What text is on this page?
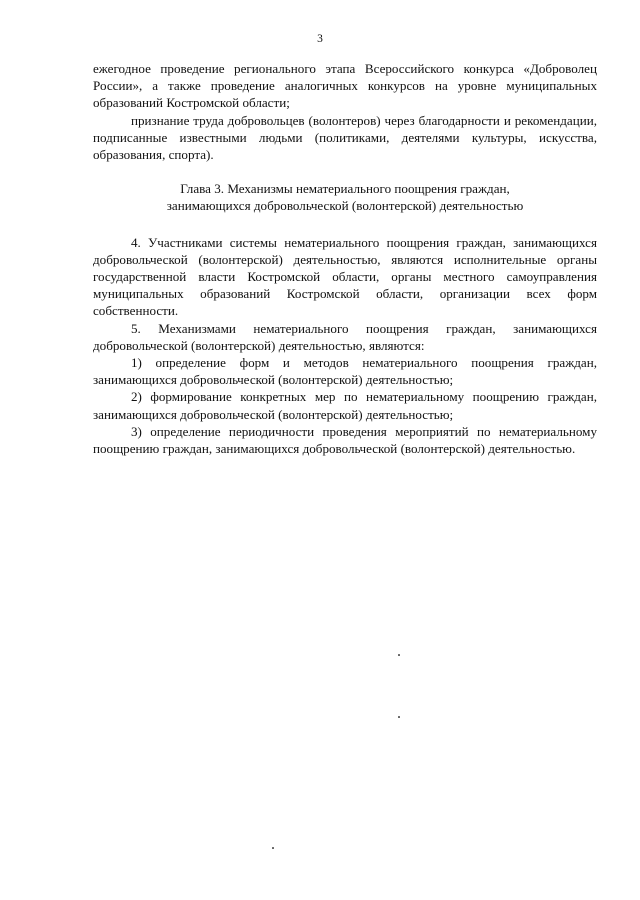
3

ежегодное проведение регионального этапа Всероссийского конкурса «Доброволец России», а также проведение аналогичных конкурсов на уровне муниципальных образований Костромской области;

признание труда добровольцев (волонтеров) через благодарности и рекомендации, подписанные известными людьми (политиками, деятелями культуры, искусства, образования, спорта).

Глава 3. Механизмы нематериального поощрения граждан,

занимающихся добровольческой (волонтерской) деятельностью

4. Участниками системы нематериального поощрения граждан, занимающихся добровольческой (волонтерской) деятельностью, являются исполнительные органы государственной власти Костромской области, органы местного самоуправления муниципальных образований Костромской области, организации всех форм собственности.

5. Механизмами нематериального поощрения граждан, занимающихся добровольческой (волонтерской) деятельностью, являются:

1) определение форм и методов нематериального поощрения граждан, занимающихся добровольческой (волонтерской) деятельностью;

2) формирование конкретных мер по нематериальному поощрению граждан, занимающихся добровольческой (волонтерской) деятельностью;

3) определение периодичности проведения мероприятий по нематериальному поощрению граждан, занимающихся добровольческой (волонтерской) деятельностью.
